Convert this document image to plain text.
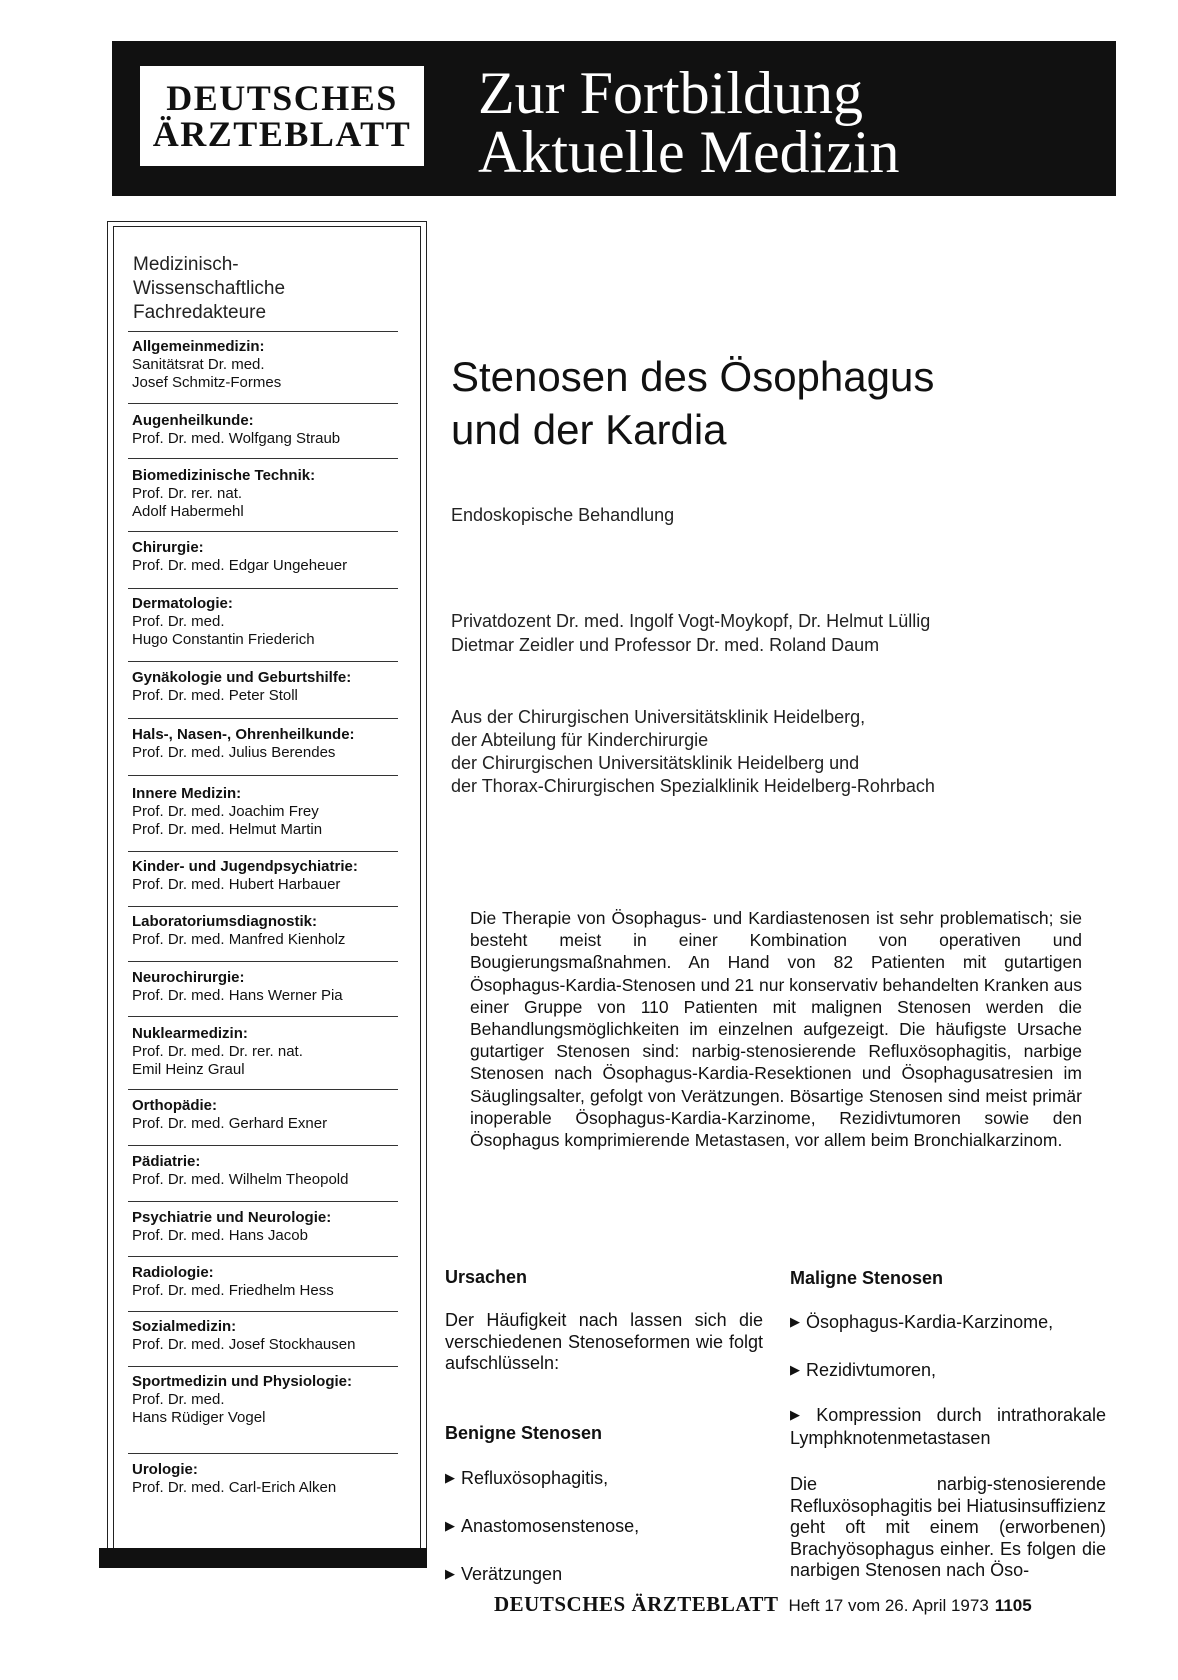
DEUTSCHES
ÄRZTEBLATT
Zur Fortbildung
Aktuelle Medizin
Medizinisch-
Wissenschaftliche
Fachredakteure
Allgemeinmedizin:
Sanitätsrat Dr. med.
Josef Schmitz-Formes
Augenheilkunde:
Prof. Dr. med. Wolfgang Straub
Biomedizinische Technik:
Prof. Dr. rer. nat.
Adolf Habermehl
Chirurgie:
Prof. Dr. med. Edgar Ungeheuer
Dermatologie:
Prof. Dr. med.
Hugo Constantin Friederich
Gynäkologie und Geburtshilfe:
Prof. Dr. med. Peter Stoll
Hals-, Nasen-, Ohrenheilkunde:
Prof. Dr. med. Julius Berendes
Innere Medizin:
Prof. Dr. med. Joachim Frey
Prof. Dr. med. Helmut Martin
Kinder- und Jugendpsychiatrie:
Prof. Dr. med. Hubert Harbauer
Laboratoriumsdiagnostik:
Prof. Dr. med. Manfred Kienholz
Neurochirurgie:
Prof. Dr. med. Hans Werner Pia
Nuklearmedizin:
Prof. Dr. med. Dr. rer. nat.
Emil Heinz Graul
Orthopädie:
Prof. Dr. med. Gerhard Exner
Pädiatrie:
Prof. Dr. med. Wilhelm Theopold
Psychiatrie und Neurologie:
Prof. Dr. med. Hans Jacob
Radiologie:
Prof. Dr. med. Friedhelm Hess
Sozialmedizin:
Prof. Dr. med. Josef Stockhausen
Sportmedizin und Physiologie:
Prof. Dr. med.
Hans Rüdiger Vogel
Urologie:
Prof. Dr. med. Carl-Erich Alken
Stenosen des Ösophagus
und der Kardia
Endoskopische Behandlung
Privatdozent Dr. med. Ingolf Vogt-Moykopf, Dr. Helmut Lüllig
Dietmar Zeidler und Professor Dr. med. Roland Daum
Aus der Chirurgischen Universitätsklinik Heidelberg,
der Abteilung für Kinderchirurgie
der Chirurgischen Universitätsklinik Heidelberg und
der Thorax-Chirurgischen Spezialklinik Heidelberg-Rohrbach
Die Therapie von Ösophagus- und Kardiastenosen ist sehr problematisch; sie besteht meist in einer Kombination von operativen und Bougierungsmaßnahmen. An Hand von 82 Patienten mit gutartigen Ösophagus-Kardia-Stenosen und 21 nur konservativ behandelten Kranken aus einer Gruppe von 110 Patienten mit malignen Stenosen werden die Behandlungsmöglichkeiten im einzelnen aufgezeigt. Die häufigste Ursache gutartiger Stenosen sind: narbig-stenosierende Refluxösophagitis, narbige Stenosen nach Ösophagus-Kardia-Resektionen und Ösophagusatresien im Säuglingsalter, gefolgt von Verätzungen. Bösartige Stenosen sind meist primär inoperable Ösophagus-Kardia-Karzinome, Rezidivtumoren sowie den Ösophagus komprimierende Metastasen, vor allem beim Bronchialkarzinom.
Ursachen
Der Häufigkeit nach lassen sich die verschiedenen Stenoseformen wie folgt aufschlüsseln:
Benigne Stenosen
▶ Refluxösophagitis,
▶ Anastomosenstenose,
▶ Verätzungen
Maligne Stenosen
▶ Ösophagus-Kardia-Karzinome,
▶ Rezidivtumoren,
▶ Kompression durch intrathorakale Lymphknotenmetastasen
Die narbig-stenosierende Refluxösophagitis bei Hiatusinsuffizienz geht oft mit einem (erworbenen) Brachyösophagus einher. Es folgen die narbigen Stenosen nach Öso-
DEUTSCHES ÄRZTEBLATT Heft 17 vom 26. April 1973 1105
